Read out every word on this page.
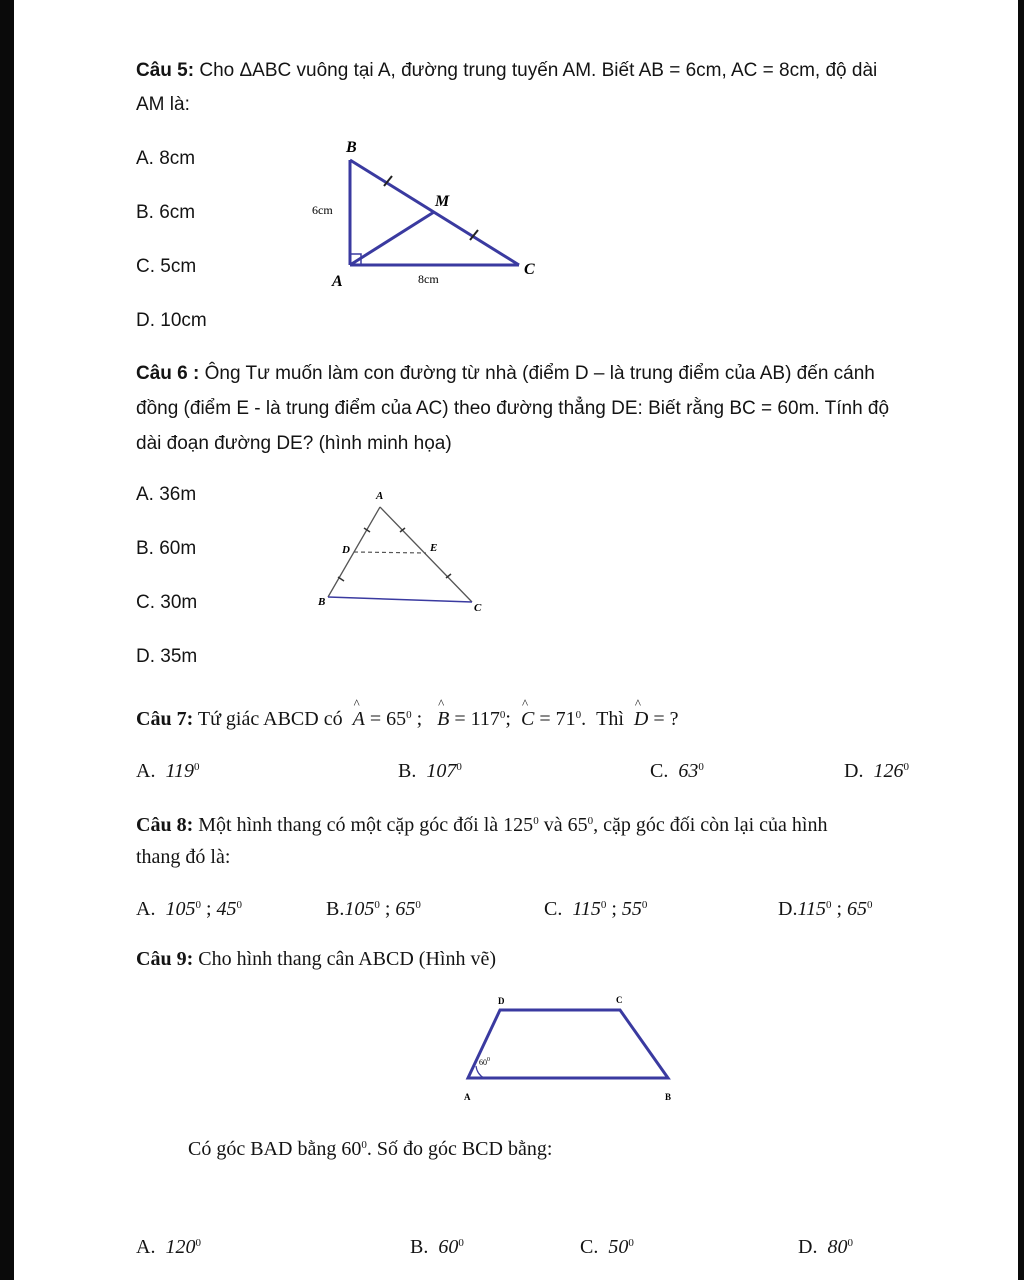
Câu 5: Cho ΔABC vuông tại A, đường trung tuyến AM. Biết AB = 6cm, AC = 8cm, độ dài
AM là:
A. 8cm
B. 6cm
C. 5cm
D. 10cm
B
M
A
C
6cm
8cm
Câu 6 : Ông Tư muốn làm con đường từ nhà (điểm D – là trung điểm của AB) đến cánh
đồng (điểm E - là trung điểm của AC) theo đường thẳng DE: Biết rằng BC = 60m. Tính độ
dài đoạn đường DE? (hình minh họa)
A. 36m
B. 60m
C. 30m
D. 35m
A
D	E
B	C
Câu 7: Tứ giác ABCD có ^ $A = 65^0$ ; ^ $B = 117^0$; ^ $C = 71^0$. Thì ^ D = ?
A. $119^0$	B. $107^0$	C. $63^0$	D. $126^0$
Câu 8: Một hình thang có một cặp góc đối là $125^0$ và $65^0$, cặp góc đối còn lại của hình
thang đó là:
A. $105^0$ ; $45^0$	B.105$^0$ ; $65^0$	C. $115^0$ ; $55^0$	D.115$^0$ ; $65^0$
Câu 9: Cho hình thang cân ABCD (Hình vẽ)
D	C
A	B
$60^0$
Có góc BAD bằng $60^0$. Số đo góc BCD bằng:
A. $120^0$	B. $60^0$	C. $50^0$	D. $80^0$
